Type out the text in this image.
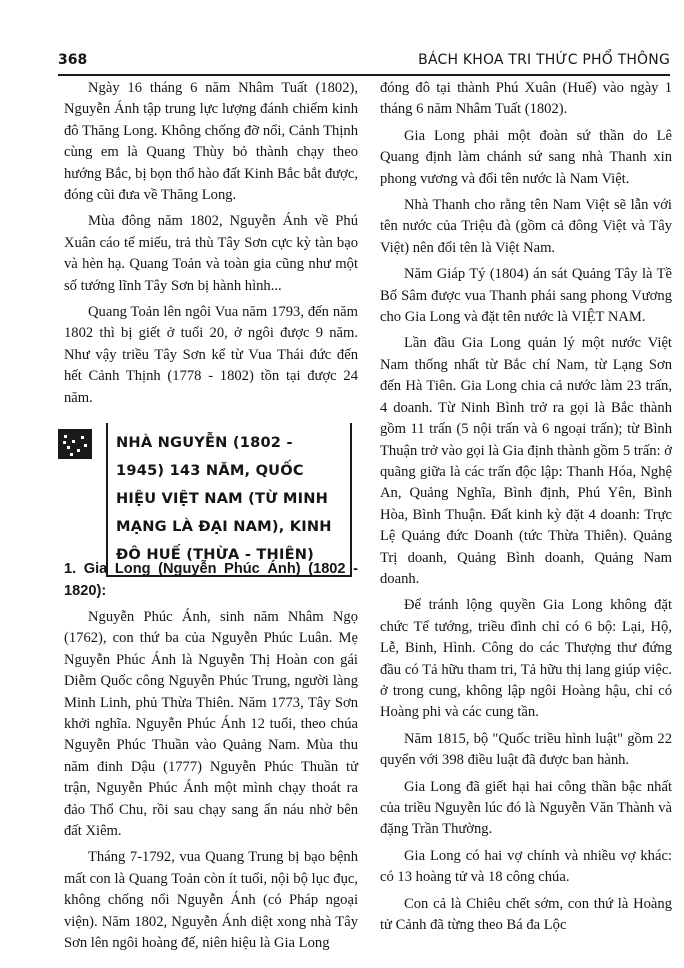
368	BÁCH KHOA TRI THỨC PHỔ THÔNG

Ngày 16 tháng 6 năm Nhâm Tuất (1802), Nguyễn Ánh tập trung lực lượng đánh chiếm kinh đô Thăng Long. Không chống đỡ nổi, Cảnh Thịnh cùng em là Quang Thùy bỏ thành chạy theo hướng Bắc, bị bọn thổ hào đất Kinh Bắc bắt được, đóng cũi đưa về Thăng Long.

Mùa đông năm 1802, Nguyễn Ánh về Phú Xuân cáo tế miếu, trả thù Tây Sơn cực kỳ tàn bạo và hèn hạ. Quang Toản và toàn gia cũng như một số tướng lĩnh Tây Sơn bị hành hình...

Quang Toản lên ngôi Vua năm 1793, đến năm 1802 thì bị giết ở tuổi 20, ở ngôi được 9 năm. Như vậy triều Tây Sơn kể từ Vua Thái đức đến hết Cảnh Thịnh (1778 - 1802) tồn tại được 24 năm.

NHÀ NGUYỄN (1802 - 1945) 143 NĂM, QUỐC HIỆU VIỆT NAM (TỪ MINH MẠNG LÀ ĐẠI NAM), KINH ĐÔ HUẾ (THỪA - THIÊN)

1. Gia Long (Nguyễn Phúc Ánh) (1802 - 1820):

Nguyễn Phúc Ánh, sinh năm Nhâm Ngọ (1762), con thứ ba của Nguyễn Phúc Luân. Mẹ Nguyễn Phúc Ánh là Nguyễn Thị Hoàn con gái Diễm Quốc công Nguyễn Phúc Trung, người làng Minh Linh, phủ Thừa Thiên. Năm 1773, Tây Sơn khởi nghĩa. Nguyễn Phúc Ánh 12 tuổi, theo chúa Nguyễn Phúc Thuần vào Quảng Nam. Mùa thu năm đinh Dậu (1777) Nguyễn Phúc Thuần tử trận, Nguyễn Phúc Ánh một mình chạy thoát ra đảo Thổ Chu, rồi sau chạy sang ẩn náu nhờ bên đất Xiêm.

Tháng 7-1792, vua Quang Trung bị bạo bệnh mất con là Quang Toản còn ít tuổi, nội bộ lục đục, không chống nổi Nguyễn Ánh (có Pháp ngoại viện). Năm 1802, Nguyễn Ánh diệt xong nhà Tây Sơn lên ngôi hoàng đế, niên hiệu là Gia Long

đóng đô tại thành Phú Xuân (Huế) vào ngày 1 tháng 6 năm Nhâm Tuất (1802).

Gia Long phải một đoàn sứ thần do Lê Quang định làm chánh sứ sang nhà Thanh xin phong vương và đổi tên nước là Nam Việt.

Nhà Thanh cho rằng tên Nam Việt sẽ lẫn với tên nước của Triệu đà (gồm cả đông Việt và Tây Việt) nên đổi tên là Việt Nam.

Năm Giáp Tý (1804) án sát Quảng Tây là Tề Bố Sâm được vua Thanh phái sang phong Vương cho Gia Long và đặt tên nước là VIỆT NAM.

Lần đầu Gia Long quản lý một nước Việt Nam thống nhất từ Bắc chí Nam, từ Lạng Sơn đến Hà Tiên. Gia Long chia cả nước làm 23 trấn, 4 doanh. Từ Ninh Bình trở ra gọi là Bắc thành gồm 11 trấn (5 nội trấn và 6 ngoại trấn); từ Bình Thuận trở vào gọi là Gia định thành gồm 5 trấn: ở quãng giữa là các trấn độc lập: Thanh Hóa, Nghệ An, Quảng Nghĩa, Bình định, Phú Yên, Bình Hòa, Bình Thuận. Đất kinh kỳ đặt 4 doanh: Trực Lệ Quảng đức Doanh (tức Thừa Thiên). Quảng Trị doanh, Quảng Bình doanh, Quảng Nam doanh.

Để tránh lộng quyền Gia Long không đặt chức Tể tướng, triều đình chỉ có 6 bộ: Lại, Hộ, Lễ, Binh, Hình. Công do các Thượng thư đứng đầu có Tả hữu tham tri, Tả hữu thị lang giúp việc. ở trong cung, không lập ngôi Hoàng hậu, chỉ có Hoàng phi và các cung tần.

Năm 1815, bộ "Quốc triều hình luật" gồm 22 quyển với 398 điều luật đã được ban hành.

Gia Long đã giết hại hai công thần bậc nhất của triều Nguyễn lúc đó là Nguyễn Văn Thành và đặng Trần Thường.

Gia Long có hai vợ chính và nhiều vợ khác: có 13 hoàng tử và 18 công chúa.

Con cả là Chiêu chết sớm, con thứ là Hoàng tử Cảnh đã từng theo Bá đa Lộc
